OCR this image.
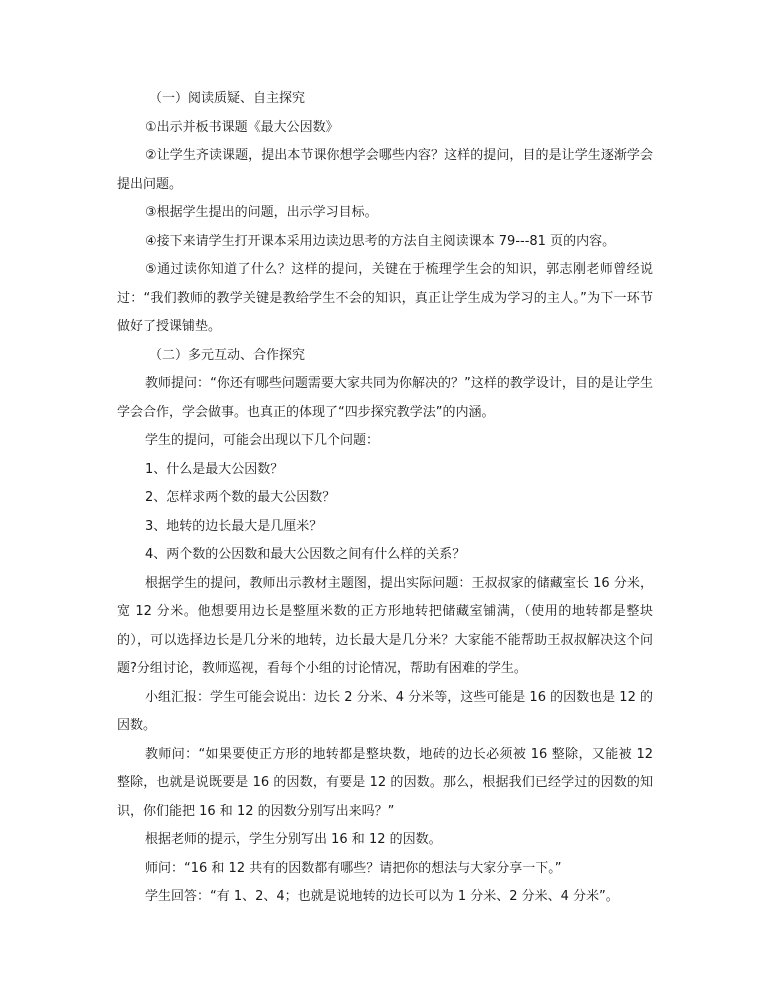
（一）阅读质疑、自主探究

①出示并板书课题《最大公因数》

②让学生齐读课题，提出本节课你想学会哪些内容？这样的提问，目的是让学生逐渐学会提出问题。

③根据学生提出的问题，出示学习目标。

④接下来请学生打开课本采用边读边思考的方法自主阅读课本 79---81 页的内容。

⑤通过读你知道了什么？这样的提问，关键在于梳理学生会的知识，郭志刚老师曾经说过：“我们教师的教学关键是教给学生不会的知识，真正让学生成为学习的主人。”为下一环节做好了授课铺垫。

（二）多元互动、合作探究

教师提问：“你还有哪些问题需要大家共同为你解决的？”这样的教学设计，目的是让学生学会合作，学会做事。也真正的体现了“四步探究教学法”的内涵。

学生的提问，可能会出现以下几个问题：

1、什么是最大公因数？

2、怎样求两个数的最大公因数？

3、地转的边长最大是几厘米？

4、两个数的公因数和最大公因数之间有什么样的关系？

根据学生的提问，教师出示教材主题图，提出实际问题：王叔叔家的储藏室长 16 分米，宽 12 分米。他想要用边长是整厘米数的正方形地转把储藏室铺满，（使用的地转都是整块的），可以选择边长是几分米的地转，边长最大是几分米？大家能不能帮助王叔叔解决这个问题?分组讨论，教师巡视，看每个小组的讨论情况，帮助有困难的学生。

小组汇报：学生可能会说出：边长 2 分米、4 分米等，这些可能是 16 的因数也是 12 的因数。

教师问：“如果要使正方形的地转都是整块数，地砖的边长必须被 16 整除，又能被 12 整除，也就是说既要是 16 的因数，有要是 12 的因数。那么，根据我们已经学过的因数的知识，你们能把 16 和 12 的因数分别写出来吗？”

根据老师的提示，学生分别写出 16 和 12 的因数。

师问：“16 和 12 共有的因数都有哪些？请把你的想法与大家分享一下。”

学生回答：“有 1、2、4；也就是说地转的边长可以为 1 分米、2 分米、4 分米”。
